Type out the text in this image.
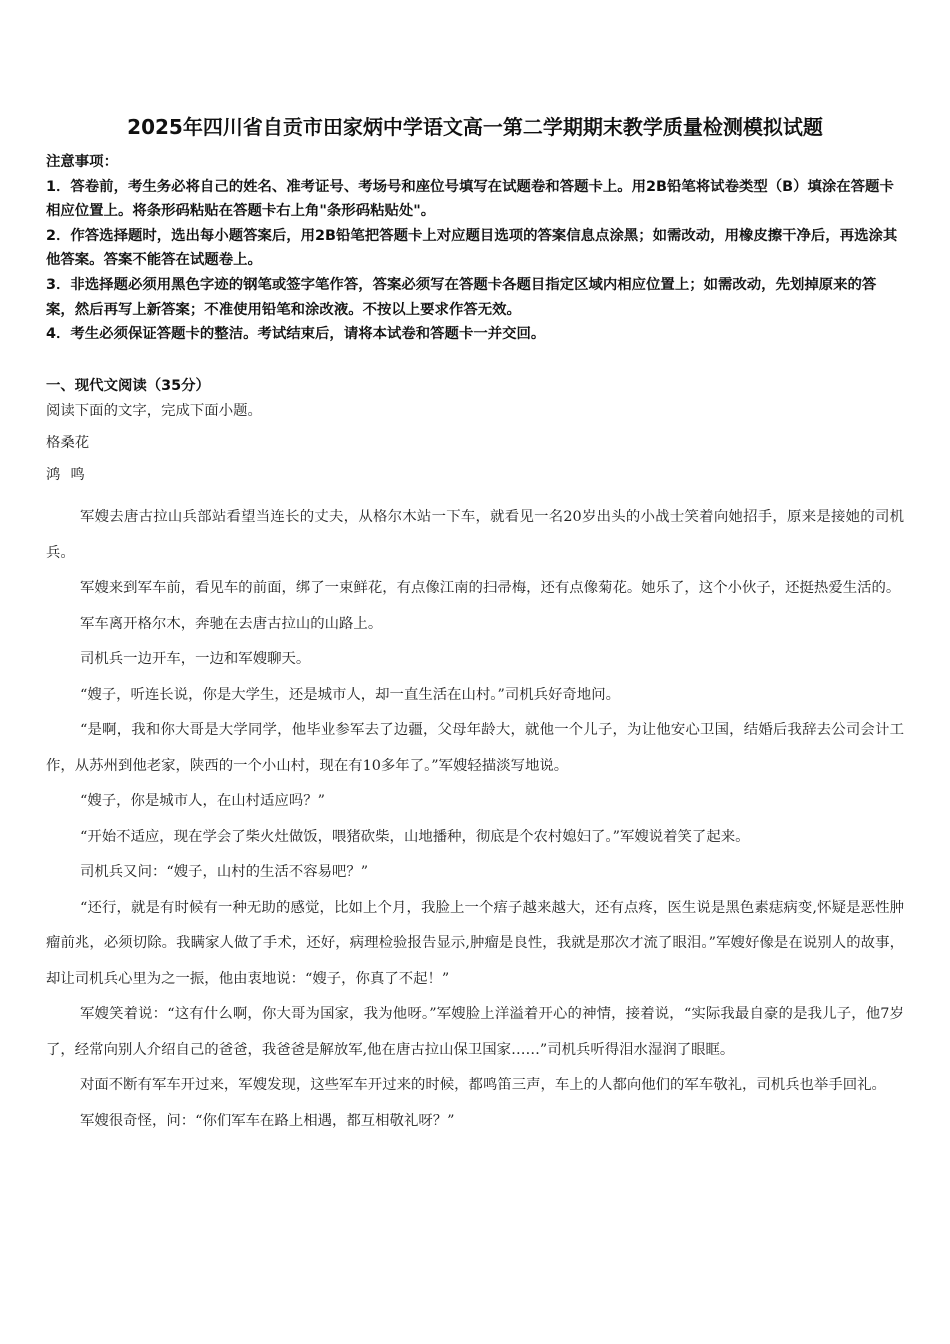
2025年四川省自贡市田家炳中学语文高一第二学期期末教学质量检测模拟试题

注意事项：

1．答卷前，考生务必将自己的姓名、准考证号、考场号和座位号填写在试题卷和答题卡上。用2B铅笔将试卷类型（B）填涂在答题卡相应位置上。将条形码粘贴在答题卡右上角"条形码粘贴处"。

2．作答选择题时，选出每小题答案后，用2B铅笔把答题卡上对应题目选项的答案信息点涂黑；如需改动，用橡皮擦干净后，再选涂其他答案。答案不能答在试题卷上。

3．非选择题必须用黑色字迹的钢笔或签字笔作答，答案必须写在答题卡各题目指定区域内相应位置上；如需改动，先划掉原来的答案，然后再写上新答案；不准使用铅笔和涂改液。不按以上要求作答无效。

4．考生必须保证答题卡的整洁。考试结束后，请将本试卷和答题卡一并交回。

一、现代文阅读（35分）

阅读下面的文字，完成下面小题。

格桑花

鸿鸣

军嫂去唐古拉山兵部站看望当连长的丈夫，从格尔木站一下车，就看见一名20岁出头的小战士笑着向她招手，原来是接她的司机兵。

军嫂来到军车前，看见车的前面，绑了一束鲜花，有点像江南的扫帚梅，还有点像菊花。她乐了，这个小伙子，还挺热爱生活的。

军车离开格尔木，奔驰在去唐古拉山的山路上。

司机兵一边开车，一边和军嫂聊天。

“嫂子，听连长说，你是大学生，还是城市人，却一直生活在山村。”司机兵好奇地问。

“是啊，我和你大哥是大学同学，他毕业参军去了边疆，父母年龄大，就他一个儿子，为让他安心卫国，结婚后我辞去公司会计工作，从苏州到他老家，陕西的一个小山村，现在有10多年了。”军嫂轻描淡写地说。

“嫂子，你是城市人，在山村适应吗？”

“开始不适应，现在学会了柴火灶做饭，喂猪砍柴，山地播种，彻底是个农村媳妇了。”军嫂说着笑了起来。

司机兵又问：“嫂子，山村的生活不容易吧？”

“还行，就是有时候有一种无助的感觉，比如上个月，我脸上一个痦子越来越大，还有点疼，医生说是黑色素痣病变,怀疑是恶性肿瘤前兆，必须切除。我瞒家人做了手术，还好，病理检验报告显示,肿瘤是良性，我就是那次才流了眼泪。”军嫂好像是在说别人的故事，却让司机兵心里为之一振，他由衷地说：“嫂子，你真了不起！”

军嫂笑着说：“这有什么啊，你大哥为国家，我为他呀。”军嫂脸上洋溢着开心的神情，接着说，“实际我最自豪的是我儿子，他7岁了，经常向别人介绍自己的爸爸，我爸爸是解放军,他在唐古拉山保卫国家……”司机兵听得泪水湿润了眼眶。

对面不断有军车开过来，军嫂发现，这些军车开过来的时候，都鸣笛三声，车上的人都向他们的军车敬礼，司机兵也举手回礼。

军嫂很奇怪，问：“你们军车在路上相遇，都互相敬礼呀？”
